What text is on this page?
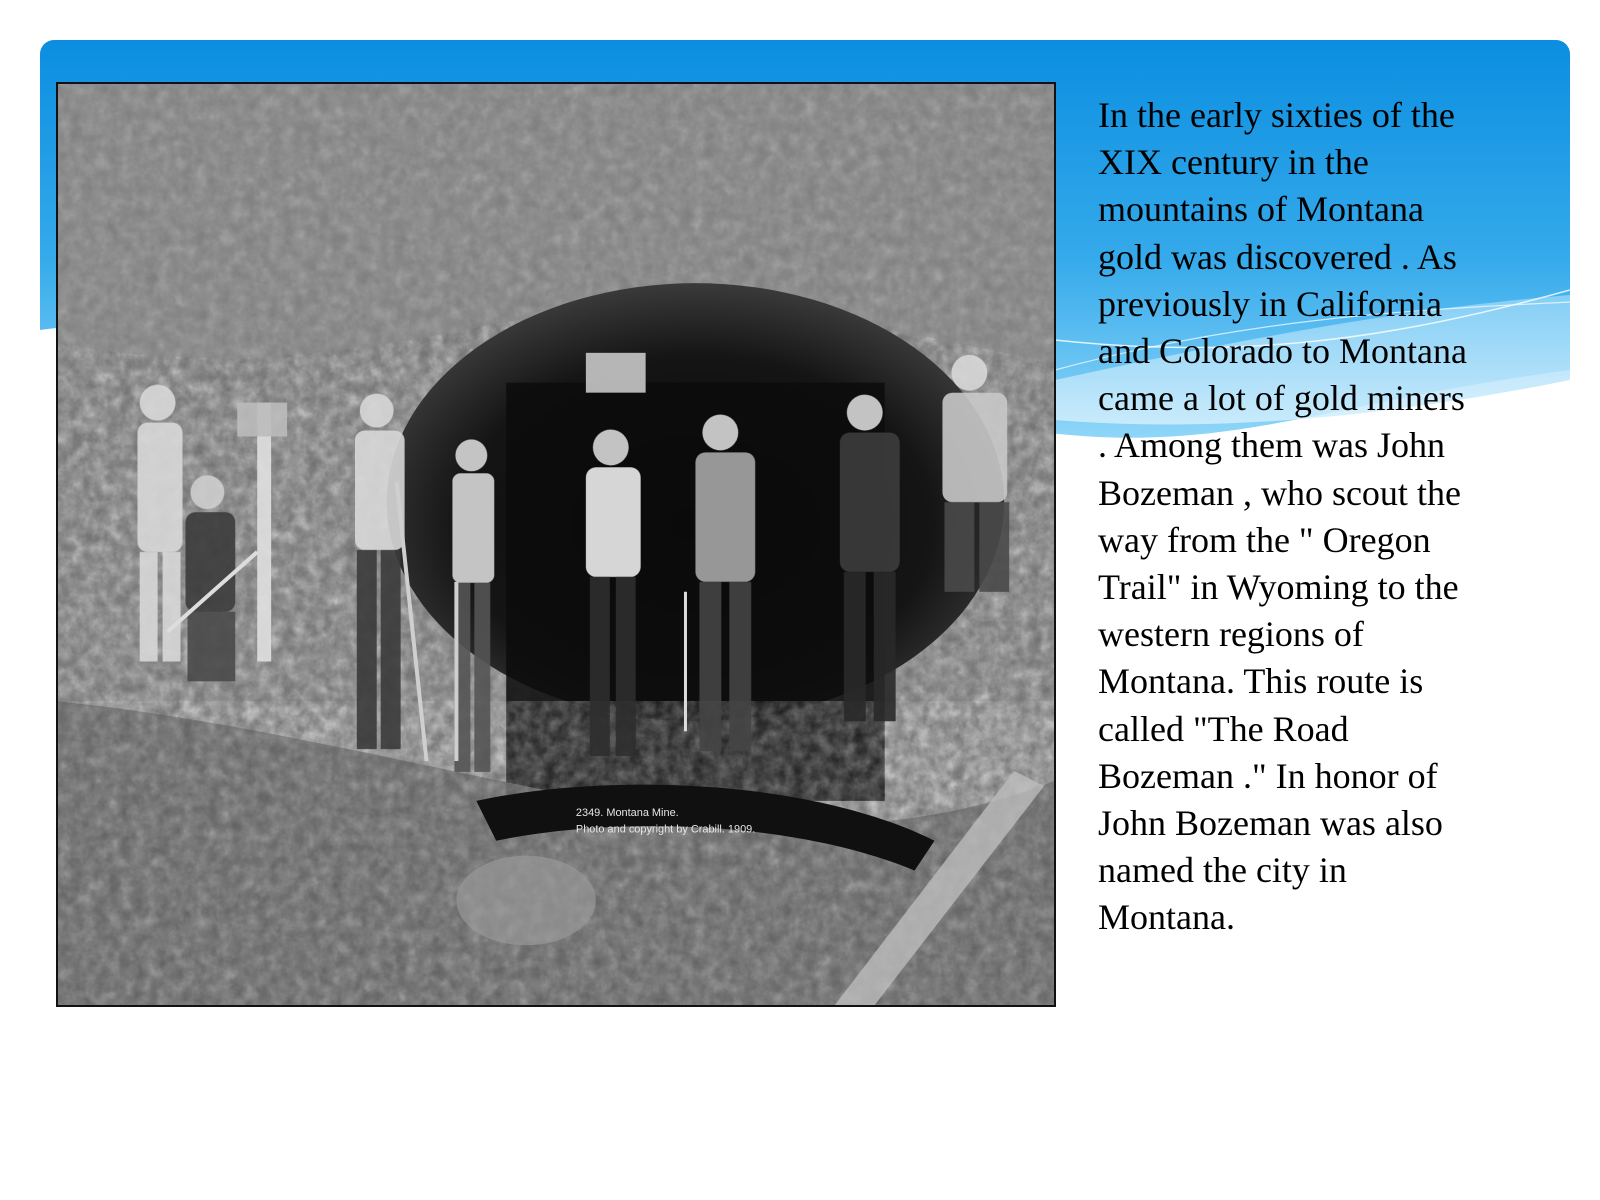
2349. Montana Mine.
Photo and copyright by Crabill. 1909.

In the early sixties of the
XIX century in the
mountains of Montana
gold was discovered . As
previously in California
and Colorado to Montana
came a lot of gold miners
. Among them was John
Bozeman , who scout the
way from the " Oregon
Trail" in Wyoming to the
western regions of
Montana. This route is
called "The Road
Bozeman ." In honor of
John Bozeman was also
named the city in
Montana.
